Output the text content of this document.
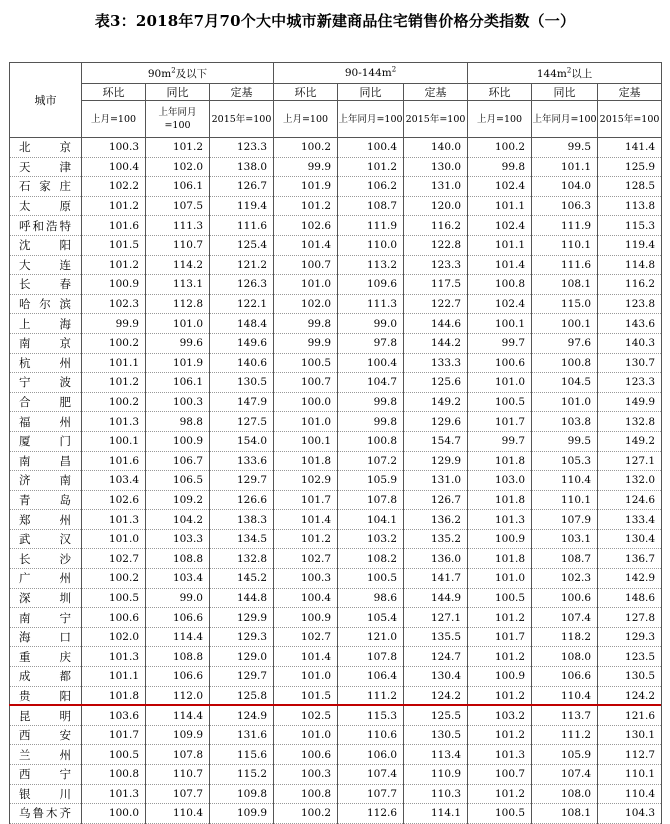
表3：2018年7月70个大中城市新建商品住宅销售价格分类指数（一）
城市	$90m^2$及以下			$90-144m^2$			$144m^2$以上		
	环比	同比	定基	环比	同比	定基	环比	同比	定基
	上月=100	上年同月=100	2015年=100	上月=100	上年同月=100	2015年=100	上月=100	上年同月=100	2015年=100
北京	100.3	101.2	123.3	100.2	100.4	140.0	100.2	99.5	141.4
天津	100.4	102.0	138.0	99.9	101.2	130.0	99.8	101.1	125.9
石家庄	102.2	106.1	126.7	101.9	106.2	131.0	102.4	104.0	128.5
太原	101.2	107.5	119.4	101.2	108.7	120.0	101.1	106.3	113.8
呼和浩特	101.6	111.3	111.6	102.6	111.9	116.2	102.4	111.9	115.3
沈阳	101.5	110.7	125.4	101.4	110.0	122.8	101.1	110.1	119.4
大连	101.2	114.2	121.2	100.7	113.2	123.3	101.4	111.6	114.8
长春	100.9	113.1	126.3	101.0	109.6	117.5	100.8	108.1	116.2
哈尔滨	102.3	112.8	122.1	102.0	111.3	122.7	102.4	115.0	123.8
上海	99.9	101.0	148.4	99.8	99.0	144.6	100.1	100.1	143.6
南京	100.2	99.6	149.6	99.9	97.8	144.2	99.7	97.6	140.3
杭州	101.1	101.9	140.6	100.5	100.4	133.3	100.6	100.8	130.7
宁波	101.2	106.1	130.5	100.7	104.7	125.6	101.0	104.5	123.3
合肥	100.2	100.3	147.9	100.0	99.8	149.2	100.5	101.0	149.9
福州	101.3	98.8	127.5	101.0	99.8	129.6	101.7	103.8	132.8
厦门	100.1	100.9	154.0	100.1	100.8	154.7	99.7	99.5	149.2
南昌	101.6	106.7	133.6	101.8	107.2	129.9	101.8	105.3	127.1
济南	103.4	106.5	129.7	102.9	105.9	131.0	103.0	110.4	132.0
青岛	102.6	109.2	126.6	101.7	107.8	126.7	101.8	110.1	124.6
郑州	101.3	104.2	138.3	101.4	104.1	136.2	101.3	107.9	133.4
武汉	101.0	103.3	134.5	101.2	103.2	135.2	100.9	103.1	130.4
长沙	102.7	108.8	132.8	102.7	108.2	136.0	101.8	108.7	136.7
广州	100.2	103.4	145.2	100.3	100.5	141.7	101.0	102.3	142.9
深圳	100.5	99.0	144.8	100.4	98.6	144.9	100.5	100.6	148.6
南宁	100.6	106.6	129.9	100.9	105.4	127.1	101.2	107.4	127.8
海口	102.0	114.4	129.3	102.7	121.0	135.5	101.7	118.2	129.3
重庆	101.3	108.8	129.0	101.4	107.8	124.7	101.2	108.0	123.5
成都	101.1	106.6	129.7	101.0	106.4	130.4	100.9	106.6	130.5
贵阳	101.8	112.0	125.8	101.5	111.2	124.2	101.2	110.4	124.2
昆明	103.6	114.4	124.9	102.5	115.3	125.5	103.2	113.7	121.6
西安	101.7	109.9	131.6	101.0	110.6	130.5	101.2	111.2	130.1
兰州	100.5	107.8	115.6	100.6	106.0	113.4	101.3	105.9	112.7
西宁	100.8	110.7	115.2	100.3	107.4	110.9	100.7	107.4	110.1
银川	101.3	107.7	109.8	100.8	107.7	110.3	101.2	108.0	110.4
乌鲁木齐	100.0	110.4	109.9	100.2	112.6	114.1	100.5	108.1	104.3
